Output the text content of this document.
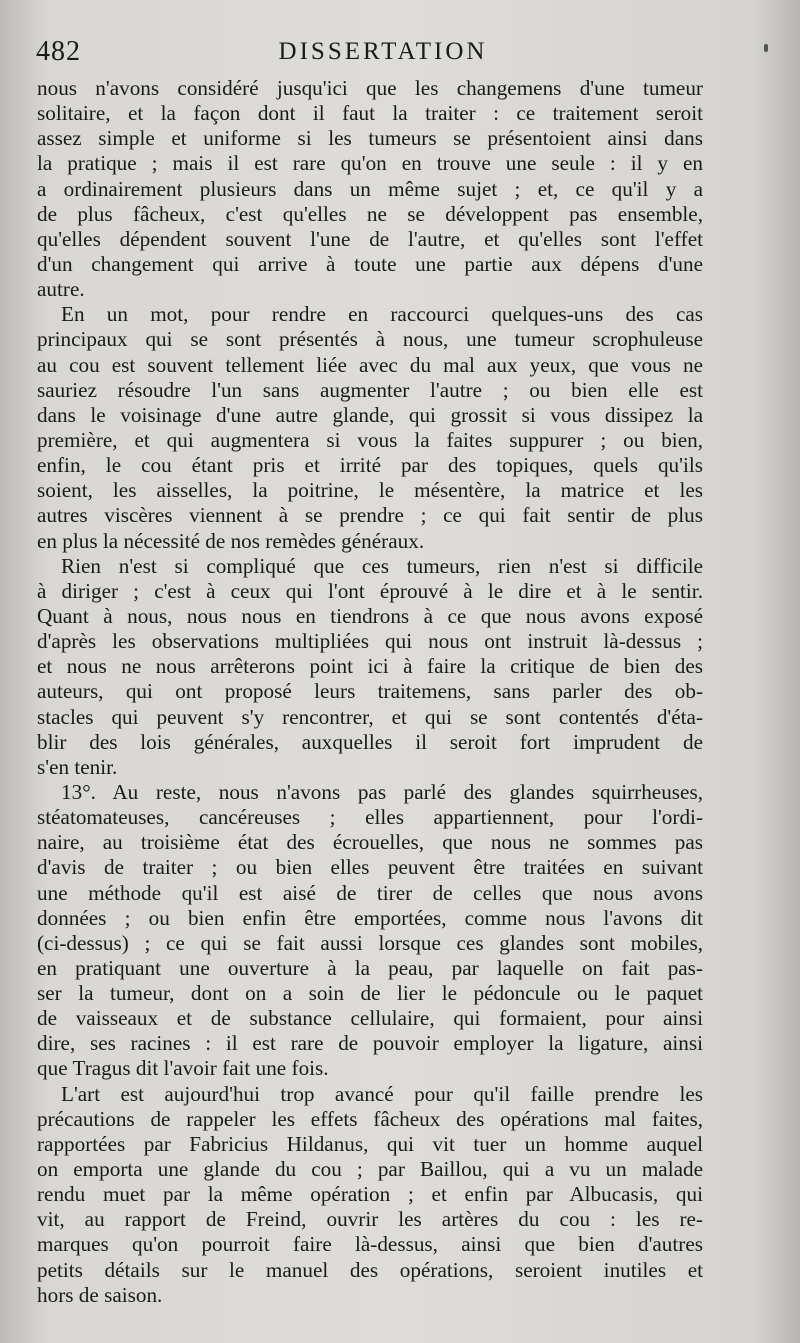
482	DISSERTATION
nous n'avons considéré jusqu'ici que les changemens d'une tumeur
solitaire, et la façon dont il faut la traiter : ce traitement seroit
assez simple et uniforme si les tumeurs se présentoient ainsi dans
la pratique ; mais il est rare qu'on en trouve une seule : il y en
a ordinairement plusieurs dans un même sujet ; et, ce qu'il y a
de plus fâcheux, c'est qu'elles ne se développent pas ensemble,
qu'elles dépendent souvent l'une de l'autre, et qu'elles sont l'effet
d'un changement qui arrive à toute une partie aux dépens d'une
autre.
En un mot, pour rendre en raccourci quelques-uns des cas
principaux qui se sont présentés à nous, une tumeur scrophuleuse
au cou est souvent tellement liée avec du mal aux yeux, que vous ne
sauriez résoudre l'un sans augmenter l'autre ; ou bien elle est
dans le voisinage d'une autre glande, qui grossit si vous dissipez la
première, et qui augmentera si vous la faites suppurer ; ou bien,
enfin, le cou étant pris et irrité par des topiques, quels qu'ils
soient, les aisselles, la poitrine, le mésentère, la matrice et les
autres viscères viennent à se prendre ; ce qui fait sentir de plus
en plus la nécessité de nos remèdes généraux.
Rien n'est si compliqué que ces tumeurs, rien n'est si difficile
à diriger ; c'est à ceux qui l'ont éprouvé à le dire et à le sentir.
Quant à nous, nous nous en tiendrons à ce que nous avons exposé
d'après les observations multipliées qui nous ont instruit là-dessus ;
et nous ne nous arrêterons point ici à faire la critique de bien des
auteurs, qui ont proposé leurs traitemens, sans parler des ob-
stacles qui peuvent s'y rencontrer, et qui se sont contentés d'éta-
blir des lois générales, auxquelles il seroit fort imprudent de
s'en tenir.
13°. Au reste, nous n'avons pas parlé des glandes squirrheuses,
stéatomateuses, cancéreuses ; elles appartiennent, pour l'ordi-
naire, au troisième état des écrouelles, que nous ne sommes pas
d'avis de traiter ; ou bien elles peuvent être traitées en suivant
une méthode qu'il est aisé de tirer de celles que nous avons
données ; ou bien enfin être emportées, comme nous l'avons dit
(ci-dessus) ; ce qui se fait aussi lorsque ces glandes sont mobiles,
en pratiquant une ouverture à la peau, par laquelle on fait pas-
ser la tumeur, dont on a soin de lier le pédoncule ou le paquet
de vaisseaux et de substance cellulaire, qui formaient, pour ainsi
dire, ses racines : il est rare de pouvoir employer la ligature, ainsi
que Tragus dit l'avoir fait une fois.
L'art est aujourd'hui trop avancé pour qu'il faille prendre les
précautions de rappeler les effets fâcheux des opérations mal faites,
rapportées par Fabricius Hildanus, qui vit tuer un homme auquel
on emporta une glande du cou ; par Baillou, qui a vu un malade
rendu muet par la même opération ; et enfin par Albucasis, qui
vit, au rapport de Freind, ouvrir les artères du cou : les re-
marques qu'on pourroit faire là-dessus, ainsi que bien d'autres
petits détails sur le manuel des opérations, seroient inutiles et
hors de saison.
